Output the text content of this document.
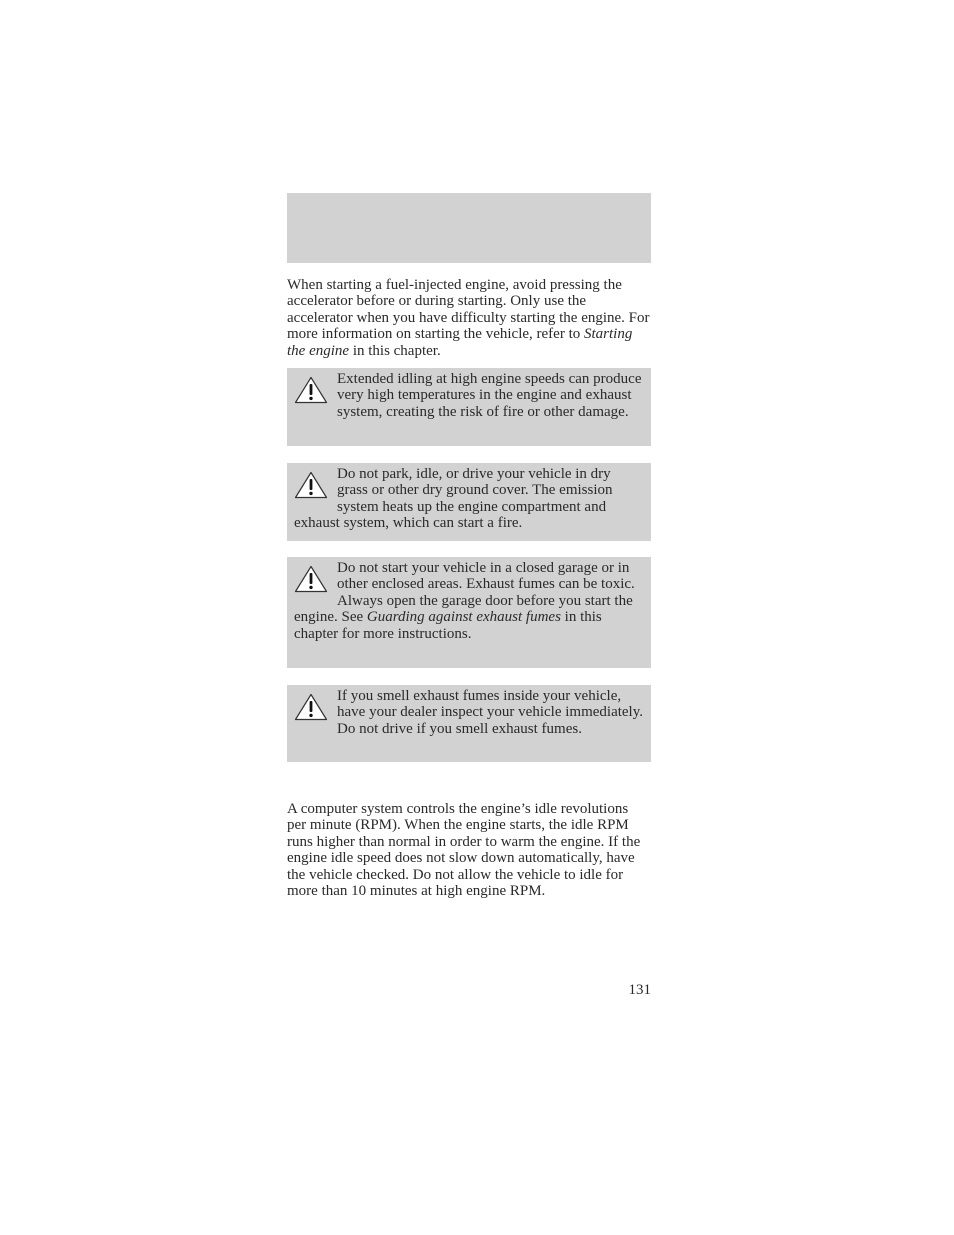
When starting a fuel-injected engine, avoid pressing the accelerator before or during starting. Only use the accelerator when you have difficulty starting the engine. For more information on starting the vehicle, refer to Starting the engine in this chapter.

Extended idling at high engine speeds can produce very high temperatures in the engine and exhaust system, creating the risk of fire or other damage.

Do not park, idle, or drive your vehicle in dry grass or other dry ground cover. The emission system heats up the engine compartment and exhaust system, which can start a fire.

Do not start your vehicle in a closed garage or in other enclosed areas. Exhaust fumes can be toxic. Always open the garage door before you start the engine. See Guarding against exhaust fumes in this chapter for more instructions.

If you smell exhaust fumes inside your vehicle, have your dealer inspect your vehicle immediately. Do not drive if you smell exhaust fumes.

A computer system controls the engine’s idle revolutions per minute (RPM). When the engine starts, the idle RPM runs higher than normal in order to warm the engine. If the engine idle speed does not slow down automatically, have the vehicle checked. Do not allow the vehicle to idle for more than 10 minutes at high engine RPM.

131
